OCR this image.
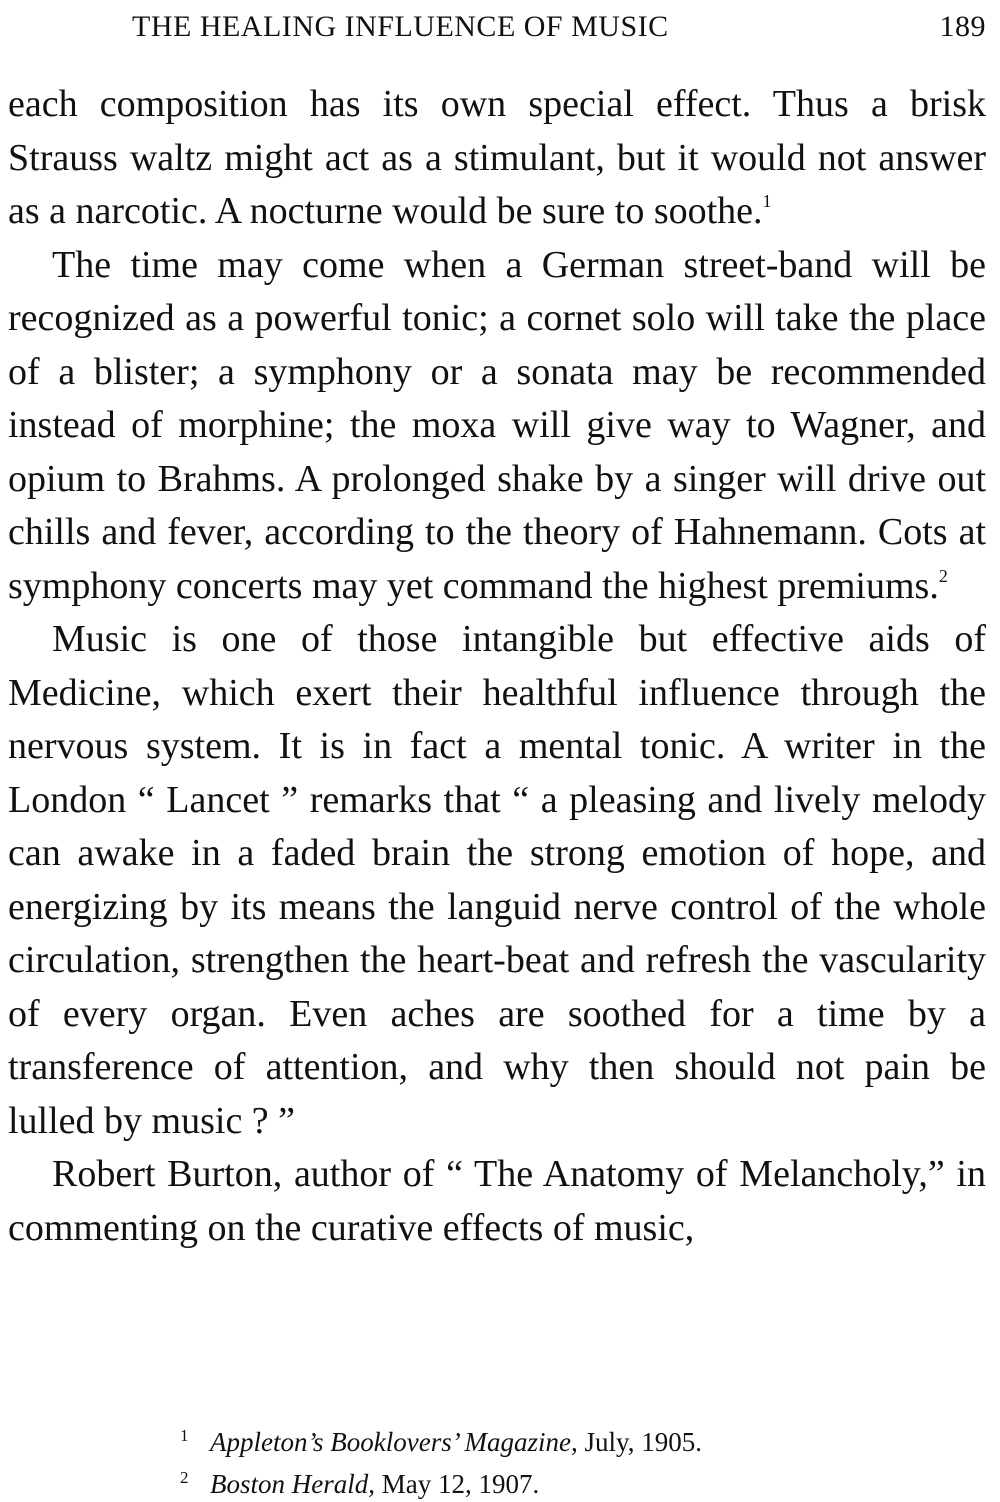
THE HEALING INFLUENCE OF MUSIC	189

each composition has its own special effect. Thus a brisk Strauss waltz might act as a stimulant, but it would not answer as a narcotic. A nocturne would be sure to soothe.$^1$

The time may come when a German street-band will be recognized as a powerful tonic; a cornet solo will take the place of a blister; a symphony or a sonata may be recommended instead of morphine; the moxa will give way to Wagner, and opium to Brahms. A prolonged shake by a singer will drive out chills and fever, according to the theory of Hahnemann. Cots at symphony concerts may yet command the highest premiums.$^2$

Music is one of those intangible but effective aids of Medicine, which exert their healthful influence through the nervous system. It is in fact a mental tonic. A writer in the London “ Lancet ” remarks that “ a pleasing and lively melody can awake in a faded brain the strong emotion of hope, and energizing by its means the languid nerve control of the whole circulation, strengthen the heart-beat and refresh the vascularity of every organ. Even aches are soothed for a time by a transference of attention, and why then should not pain be lulled by music ? ”

Robert Burton, author of “ The Anatomy of Melancholy,” in commenting on the curative effects of music,

1 Appleton’s Booklovers’ Magazine, July, 1905.
2 Boston Herald, May 12, 1907.
